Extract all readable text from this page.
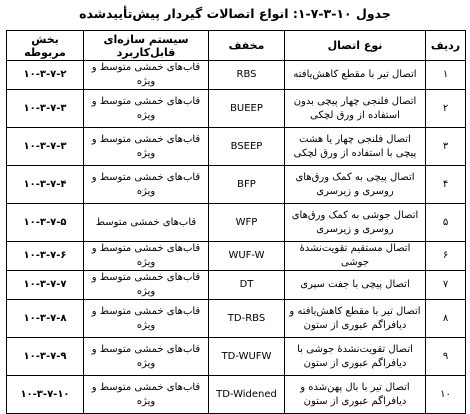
جدول ۱۰-۳-۷-۱: انواع اتصالات گیردار پیش‌تأییدشده
ردیف	نوع اتصال	مخفف	سیستم سازه‌ای قابل‌کاربرد	بخش مربوطه
۱	اتصال تیر با مقطع کاهش‌یافته	RBS	قاب‌های خمشی متوسط و ویژه	۱۰-۳-۷-۲
۲	اتصال فلنجی چهار پیچی بدون استفاده از ورق لچکی	BUEEP	قاب‌های خمشی متوسط و ویژه	۱۰-۳-۷-۳
۳	اتصال فلنجی چهار یا هشت پیچی با استفاده از ورق لچکی	BSEEP	قاب‌های خمشی متوسط و ویژه	۱۰-۳-۷-۳
۴	اتصال پیچی به کمک ورق‌های روسری و زیرسری	BFP	قاب‌های خمشی متوسط و ویژه	۱۰-۳-۷-۴
۵	اتصال جوشی به کمک ورق‌های روسری و زیرسری	WFP	قاب‌های خمشی متوسط	۱۰-۳-۷-۵
۶	اتصال مستقیم تقویت‌نشدهٔ جوشی	WUF-W	قاب‌های خمشی متوسط و ویژه	۱۰-۳-۷-۶
۷	اتصال پیچی با جفت سپری	DT	قاب‌های خمشی متوسط و ویژه	۱۰-۳-۷-۷
۸	اتصال تیر با مقطع کاهش‌یافته و دیافراگم عبوری از ستون	TD-RBS	قاب‌های خمشی متوسط و ویژه	۱۰-۳-۷-۸
۹	اتصال تقویت‌نشدهٔ جوشی با دیافراگم عبوری از ستون	TD-WUFW	قاب‌های خمشی متوسط و ویژه	۱۰-۳-۷-۹
۱۰	اتصال تیر با بال پهن‌شده و دیافراگم عبوری از ستون	TD-Widened	قاب‌های خمشی متوسط و ویژه	۱۰-۳-۷-۱۰
